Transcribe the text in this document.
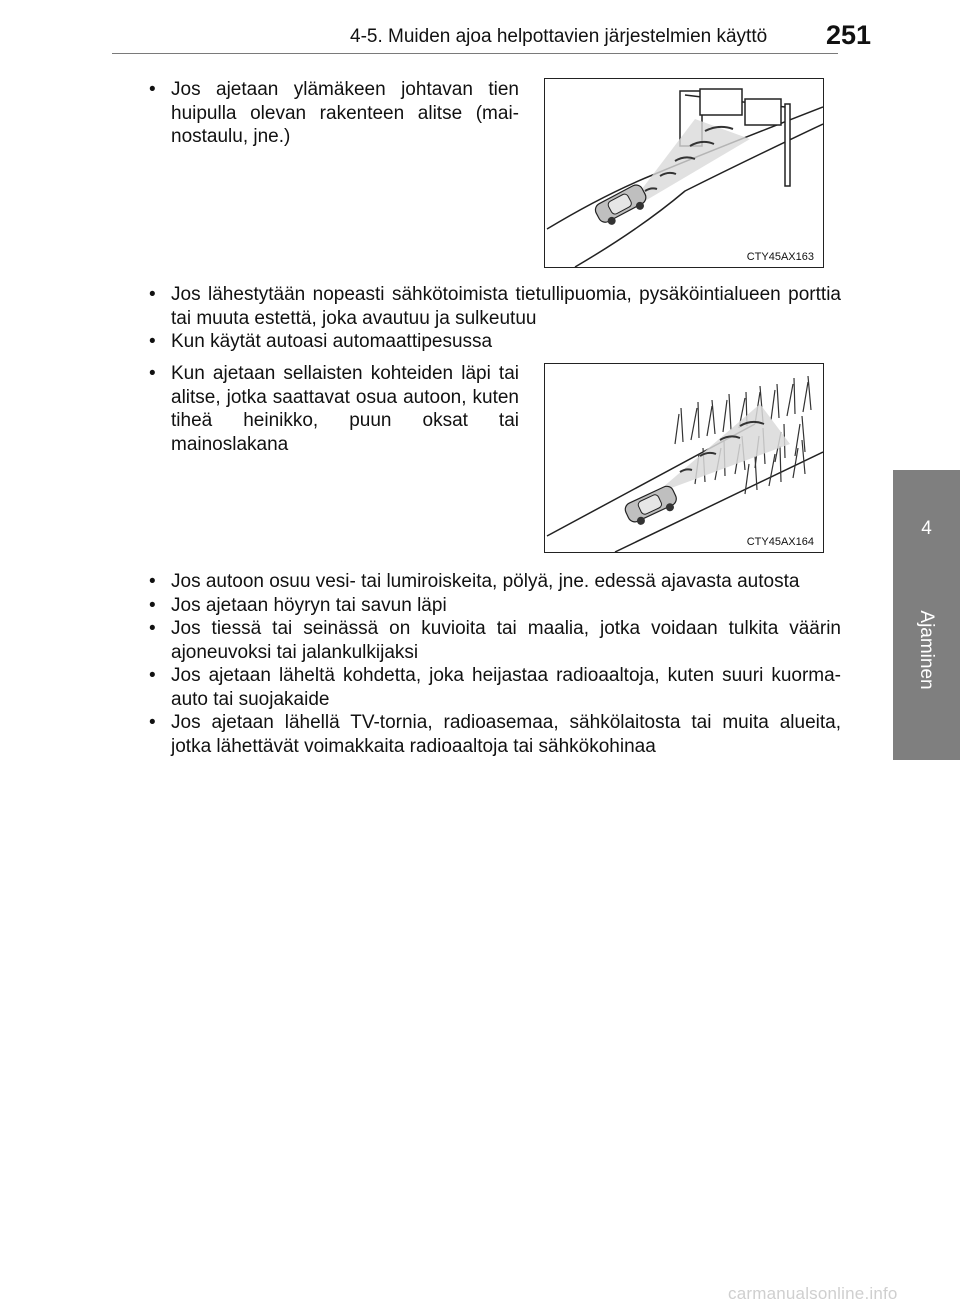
4-5. Muiden ajoa helpottavien järjestelmien käyttö 251
4
Ajaminen
• Jos ajetaan ylämäkeen johtavan tien huipulla olevan rakenteen alitse (mai-nostaulu, jne.)
CTY45AX163
• Jos lähestytään nopeasti sähkötoimista tietullipuomia, pysäköintialueen porttia tai muuta estettä, joka avautuu ja sulkeutuu
• Kun käytät autoasi automaattipesussa
• Kun ajetaan sellaisten kohteiden läpi tai alitse, jotka saattavat osua autoon, kuten tiheä heinikko, puun oksat tai mainoslakana
CTY45AX164
• Jos autoon osuu vesi- tai lumiroiskeita, pölyä, jne. edessä ajavasta autosta
• Jos ajetaan höyryn tai savun läpi
• Jos tiessä tai seinässä on kuvioita tai maalia, jotka voidaan tulkita väärin ajoneuvoksi tai jalankulkijaksi
• Jos ajetaan läheltä kohdetta, joka heijastaa radioaaltoja, kuten suuri kuorma-auto tai suojakaide
• Jos ajetaan lähellä TV-tornia, radioasemaa, sähkölaitosta tai muita alueita, jotka lähettävät voimakkaita radioaaltoja tai sähkökohinaa
carmanualsonline.info
